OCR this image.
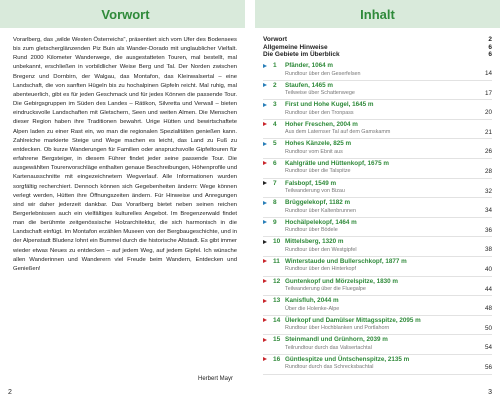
Vorwort

Vorarlberg, das „wilde Westen Österreichs“, präsentiert sich vom Ufer des Bodensees bis zum gletscherglänzenden Piz Buin als Wander-Dorado mit unglaublicher Vielfalt. Rund 2000 Kilometer Wanderwege, die ausgestatteten Touren, mal bestellt, mal unbekannt, erschließen in vorbildlicher Weise Berg und Tal. Der Norden zwischen Bregenz und Dornbirn, der Walgau, das Montafon, das Kleinwalsertal – eine Landschaft, die von sanften Hügeln bis zu hochalpinen Gipfeln reicht. Mal ruhig, mal abenteuerlich, gibt es für jeden Geschmack und für jedes Können die passende Tour. Die Gebirgsgruppen im Süden des Landes – Rätikon, Silvretta und Verwall – bieten eindrucksvolle Landschaften mit Gletschern, Seen und weiten Almen. Die Menschen dieser Region haben ihre Traditionen bewahrt. Urige Hütten und bewirtschaftete Alpen laden zu einer Rast ein, wo man die regionalen Spezialitäten genießen kann. Zahlreiche markierte Steige und Wege machen es leicht, das Land zu Fuß zu entdecken. Ob kurze Wanderungen für Familien oder anspruchsvolle Gipfeltouren für erfahrene Bergsteiger, in diesem Führer findet jeder seine passende Tour. Die ausgewählten Tourenvorschläge enthalten genaue Beschreibungen, Höhenprofile und Kartenausschnitte mit eingezeichnetem Wegverlauf. Alle Informationen wurden sorgfältig recherchiert. Dennoch können sich Gegebenheiten ändern: Wege können verlegt werden, Hütten ihre Öffnungszeiten ändern. Für Hinweise und Anregungen sind wir daher jederzeit dankbar. Das Vorarlberg bietet neben seinen reichen Bergerlebnissen auch ein vielfältiges kulturelles Angebot. Im Bregenzerwald findet man die berühmte zeitgenössische Holzarchitektur, die sich harmonisch in die Landschaft einfügt. Im Montafon erzählen Museen von der Bergbaugeschichte, und in der Alpenstadt Bludenz lohnt ein Bummel durch die historische Altstadt. Es gibt immer wieder etwas Neues zu entdecken – auf jedem Weg, auf jedem Gipfel. Ich wünsche allen Wanderinnen und Wanderern viel Freude beim Wandern, Entdecken und Genießen!

Herbert Mayr
2
Inhalt
Vorwort	2
Allgemeine Hinweise	6
Die Gebiete im Überblick	6
1 Pfänder, 1064 m
Rundtour über den Geserfelsen	14
2 Staufen, 1465 m
Teilweise über Schattenwege	17
3 First und Hohe Kugel, 1645 m
Rundtour über den Tronpass	20
4 Hoher Freschen, 2004 m
Aus dem Laternser Tal auf dem Gamskamm	21
5 Hohes Känzele, 825 m
Rundtour vom Ebnit aus	26
6 Kahlgrätle und Hüttenkopf, 1675 m
Rundtour über die Talspitze	28
7 Falsbopf, 1549 m
Teilwanderung von Bizau	32
8 Brüggelekopf, 1182 m
Rundtour über Kaltenbrunnen	34
9 Hochälpelekopf, 1464 m
Rundtour über Bödele	36
10 Mittelsberg, 1320 m
Rundtour über den Westgipfel	38
11 Winterstaude und Bullerschkopf, 1877 m
Rundtour über den Hinterkopf	40
12 Guntenkopf und Mörzelspitze, 1830 m
Teilwanderung über die Fluegalpe	44
13 Kanisfluh, 2044 m
Über die Holenke-Alpe	48
14 Ülerkopf und Damülser Mittagsspitze, 2095 m
Rundtour über Hochblanken und Portlahorn	50
15 Steinmandl und Grünhorn, 2039 m
Teilrundtour durch das Valisertachtal	54
16 Güntlespitze und Üntschenspitze, 2135 m
Rundtour durch das Schrecksbachtal	56
3
